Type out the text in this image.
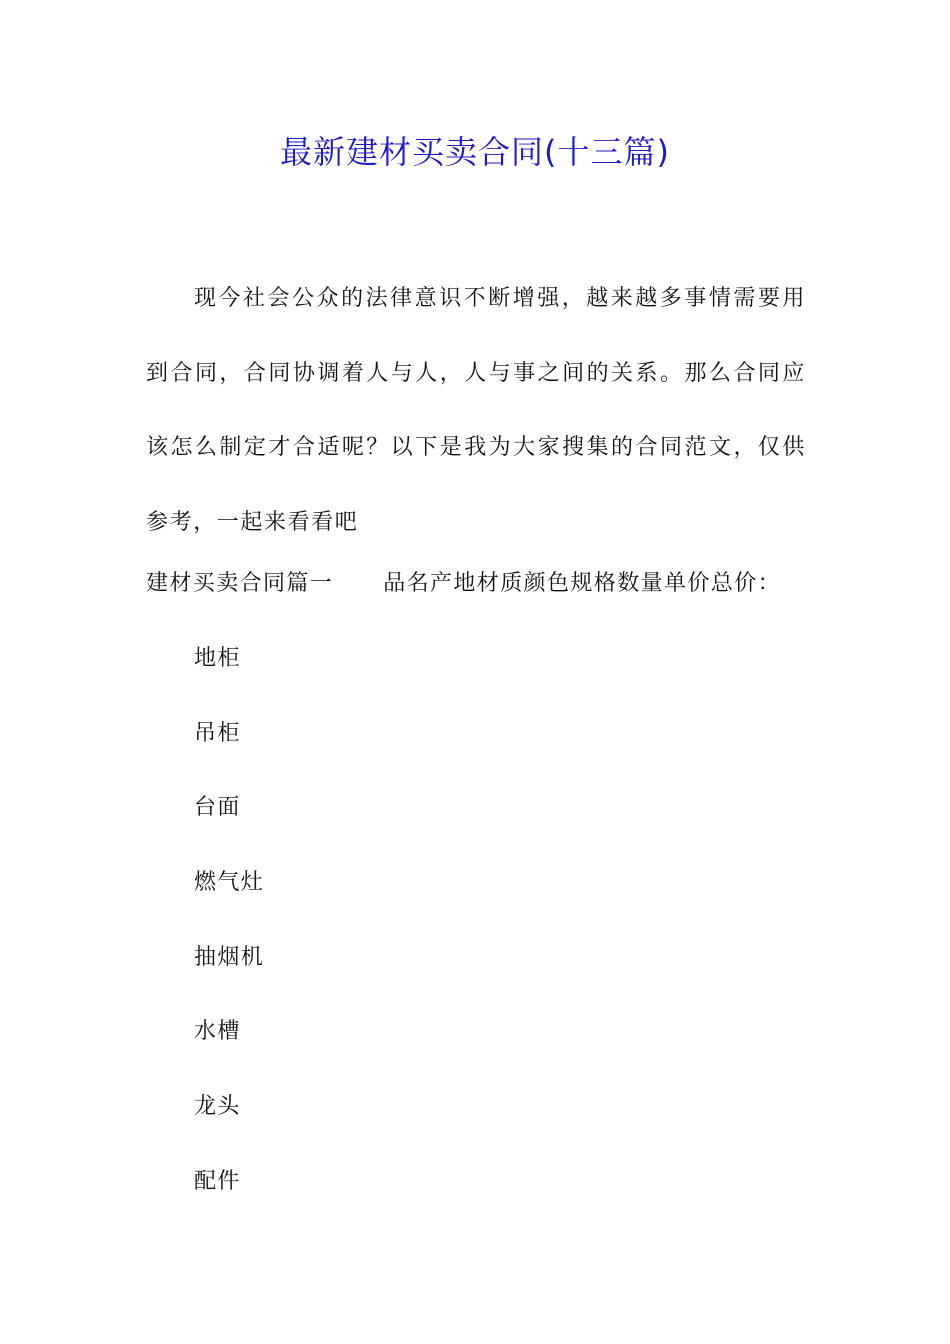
最新建材买卖合同(十三篇)

现今社会公众的法律意识不断增强，越来越多事情需要用到合同，合同协调着人与人，人与事之间的关系。那么合同应该怎么制定才合适呢？以下是我为大家搜集的合同范文，仅供参考，一起来看看吧

建材买卖合同篇一 品名产地材质颜色规格数量单价总价：

地柜
吊柜
台面
燃气灶
抽烟机
水槽
龙头
配件
